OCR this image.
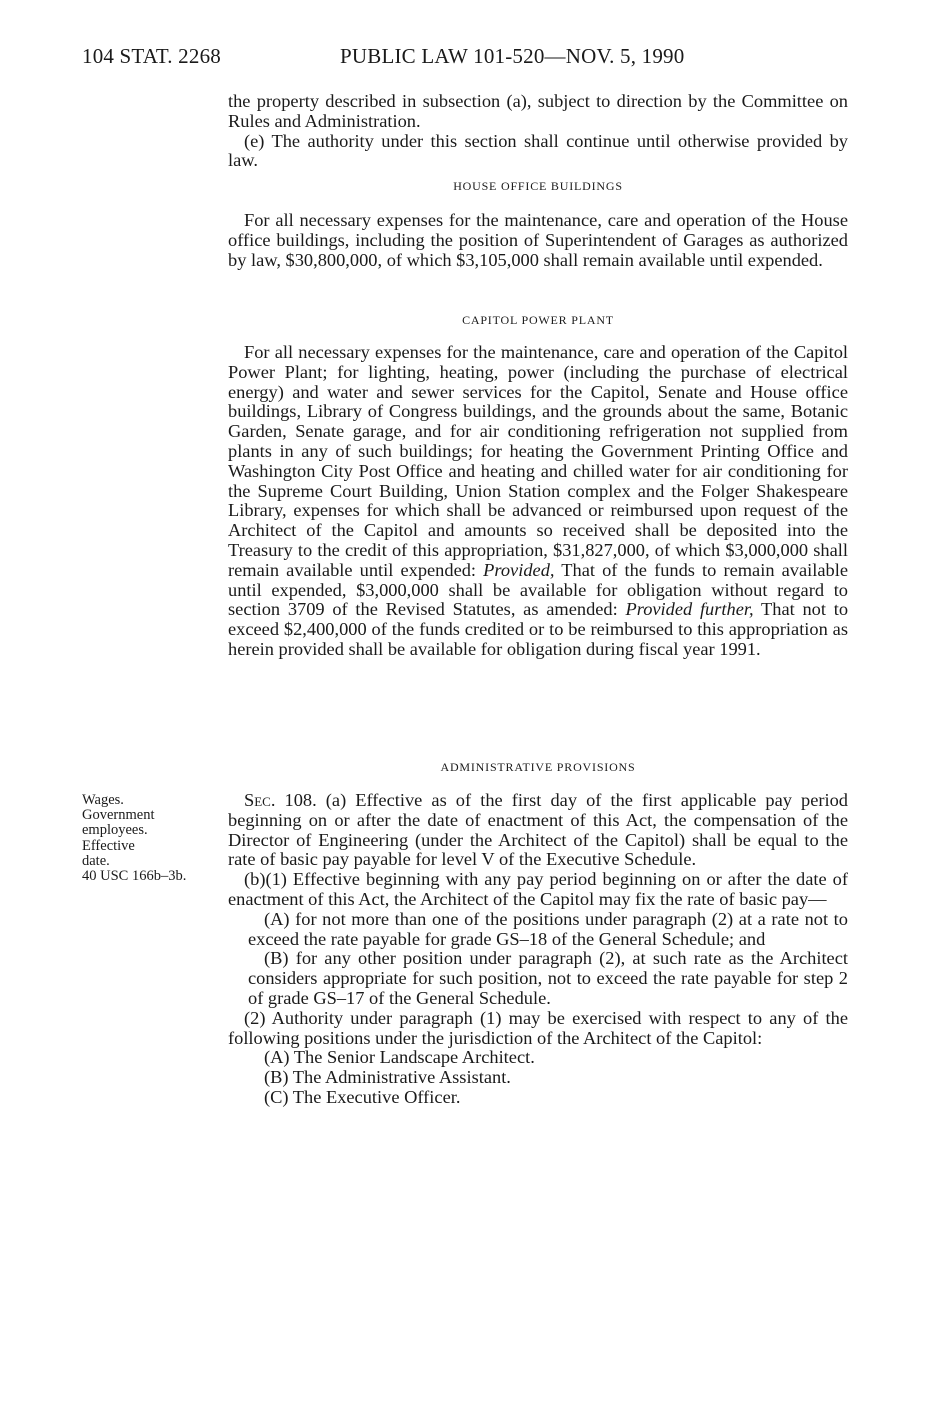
104 STAT. 2268	PUBLIC LAW 101-520—NOV. 5, 1990

the property described in subsection (a), subject to direction by the Committee on Rules and Administration.

(e) The authority under this section shall continue until otherwise provided by law.

HOUSE OFFICE BUILDINGS

For all necessary expenses for the maintenance, care and operation of the House office buildings, including the position of Superintendent of Garages as authorized by law, $30,800,000, of which $3,105,000 shall remain available until expended.

CAPITOL POWER PLANT

For all necessary expenses for the maintenance, care and operation of the Capitol Power Plant; for lighting, heating, power (including the purchase of electrical energy) and water and sewer services for the Capitol, Senate and House office buildings, Library of Congress buildings, and the grounds about the same, Botanic Garden, Senate garage, and for air conditioning refrigeration not supplied from plants in any of such buildings; for heating the Government Printing Office and Washington City Post Office and heating and chilled water for air conditioning for the Supreme Court Building, Union Station complex and the Folger Shakespeare Library, expenses for which shall be advanced or reimbursed upon request of the Architect of the Capitol and amounts so received shall be deposited into the Treasury to the credit of this appropriation, $31,827,000, of which $3,000,000 shall remain available until expended: Provided, That of the funds to remain available until expended, $3,000,000 shall be available for obligation without regard to section 3709 of the Revised Statutes, as amended: Provided further, That not to exceed $2,400,000 of the funds credited or to be reimbursed to this appropriation as herein provided shall be available for obligation during fiscal year 1991.

ADMINISTRATIVE PROVISIONS
Wages.
Government
employees.
Effective
date.
40 USC 166b–3b.

Sec. 108. (a) Effective as of the first day of the first applicable pay period beginning on or after the date of enactment of this Act, the compensation of the Director of Engineering (under the Architect of the Capitol) shall be equal to the rate of basic pay payable for level V of the Executive Schedule.

(b)(1) Effective beginning with any pay period beginning on or after the date of enactment of this Act, the Architect of the Capitol may fix the rate of basic pay—

(A) for not more than one of the positions under paragraph (2) at a rate not to exceed the rate payable for grade GS–18 of the General Schedule; and

(B) for any other position under paragraph (2), at such rate as the Architect considers appropriate for such position, not to exceed the rate payable for step 2 of grade GS–17 of the General Schedule.

(2) Authority under paragraph (1) may be exercised with respect to any of the following positions under the jurisdiction of the Architect of the Capitol:

(A) The Senior Landscape Architect.

(B) The Administrative Assistant.

(C) The Executive Officer.
